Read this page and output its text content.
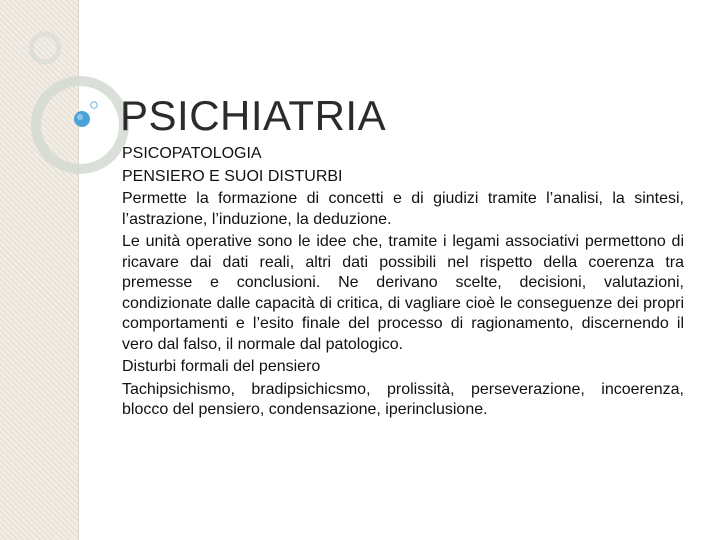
PSICHIATRIA

PSICOPATOLOGIA

PENSIERO E SUOI DISTURBI

Permette la formazione di concetti e di giudizi tramite l’analisi, la sintesi, l’astrazione, l’induzione, la deduzione.

Le unità operative sono le idee che, tramite i legami associativi permettono di ricavare dai dati reali, altri dati possibili nel rispetto della coerenza tra premesse e conclusioni. Ne derivano scelte, decisioni, valutazioni, condizionate dalle capacità di critica, di vagliare cioè le conseguenze dei propri comportamenti e l’esito finale del processo di ragionamento, discernendo il vero dal falso, il normale dal patologico.

Disturbi formali del pensiero

Tachipsichismo, bradipsichicsmo, prolissità, perseverazione, incoerenza, blocco del pensiero, condensazione, iperinclusione.
